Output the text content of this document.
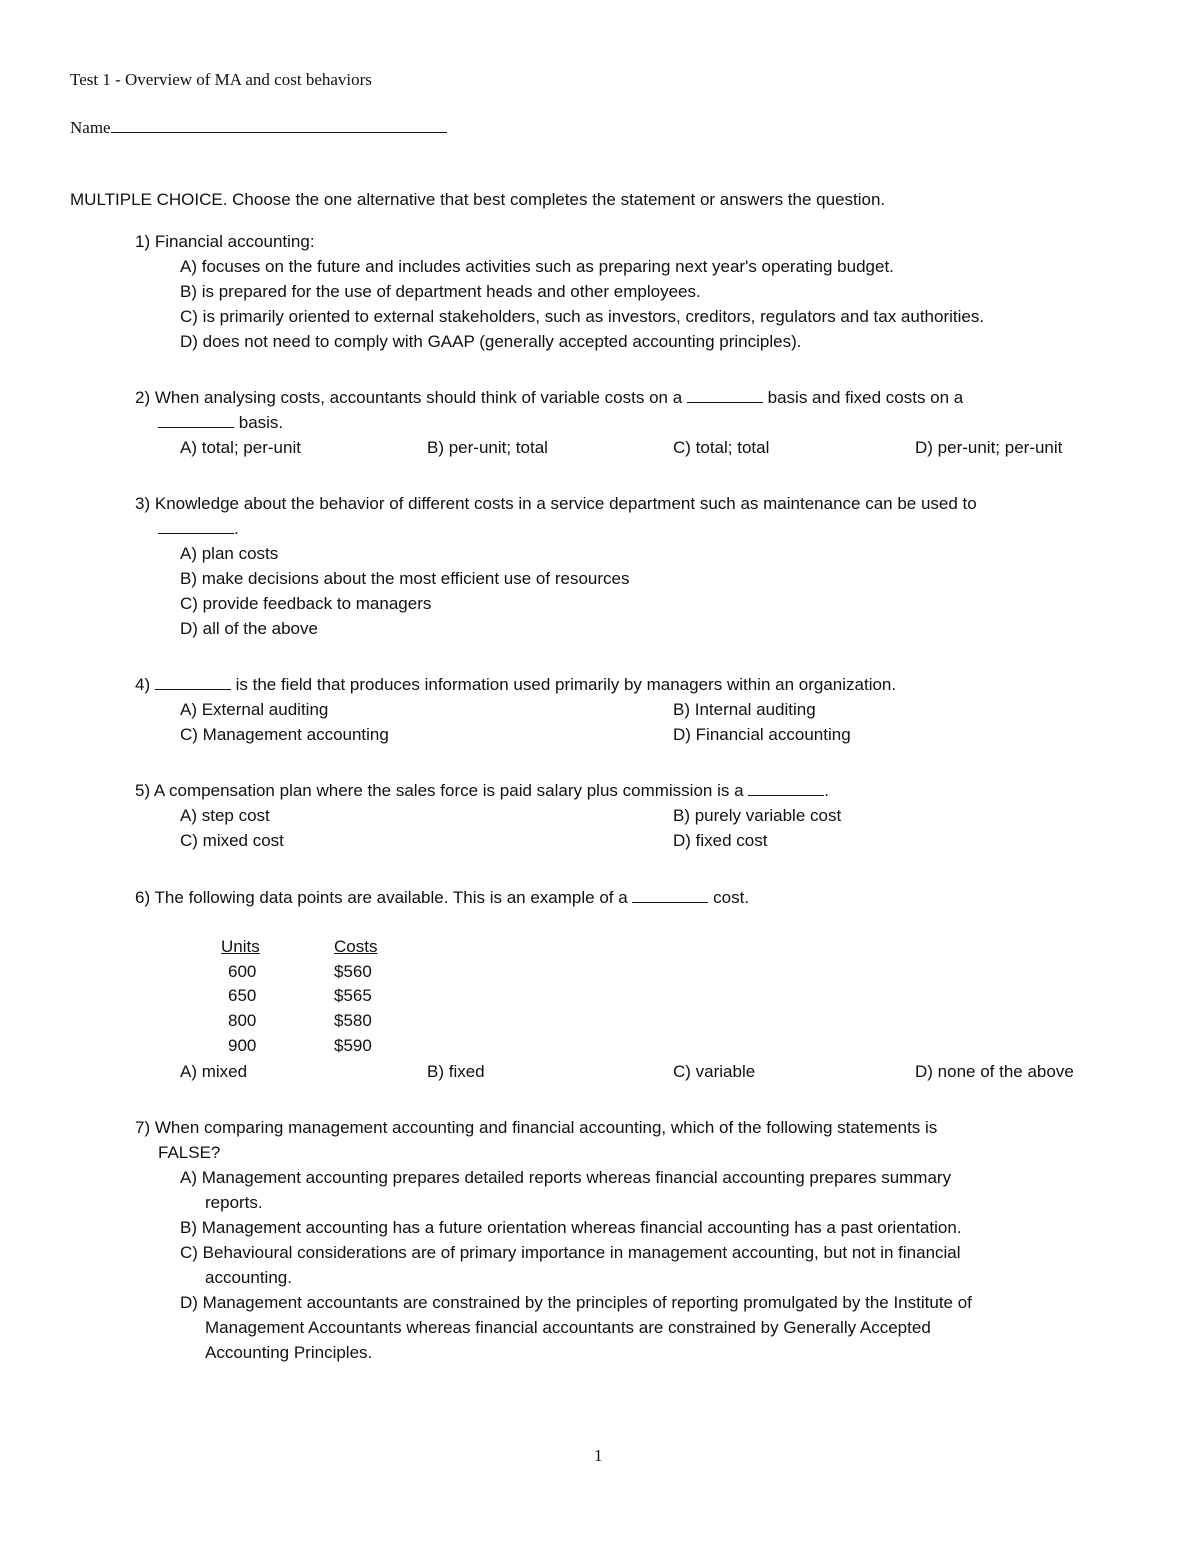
Test 1 - Overview of MA and cost behaviors
Name
MULTIPLE CHOICE. Choose the one alternative that best completes the statement or answers the question.
1) Financial accounting:
A) focuses on the future and includes activities such as preparing next year's operating budget.
B) is prepared for the use of department heads and other employees.
C) is primarily oriented to external stakeholders, such as investors, creditors, regulators and tax authorities.
D) does not need to comply with GAAP (generally accepted accounting principles).
2) When analysing costs, accountants should think of variable costs on a	basis and fixed costs on a
basis.
A) total; per-unit	B) per-unit; total	C) total; total	D) per-unit; per-unit
3) Knowledge about the behavior of different costs in a service department such as maintenance can be used to
.
A) plan costs
B) make decisions about the most efficient use of resources
C) provide feedback to managers
D) all of the above
4)	is the field that produces information used primarily by managers within an organization.
A) External auditing	B) Internal auditing
C) Management accounting	D) Financial accounting
5) A compensation plan where the sales force is paid salary plus commission is a	.
A) step cost	B) purely variable cost
C) mixed cost	D) fixed cost
6) The following data points are available. This is an example of a	cost.
Units	Costs
600	$560
650	$565
800	$580
900	$590
A) mixed	B) fixed	C) variable	D) none of the above
7) When comparing management accounting and financial accounting, which of the following statements is
FALSE?
A) Management accounting prepares detailed reports whereas financial accounting prepares summary
reports.
B) Management accounting has a future orientation whereas financial accounting has a past orientation.
C) Behavioural considerations are of primary importance in management accounting, but not in financial
accounting.
D) Management accountants are constrained by the principles of reporting promulgated by the Institute of
Management Accountants whereas financial accountants are constrained by Generally Accepted
Accounting Principles.
1
